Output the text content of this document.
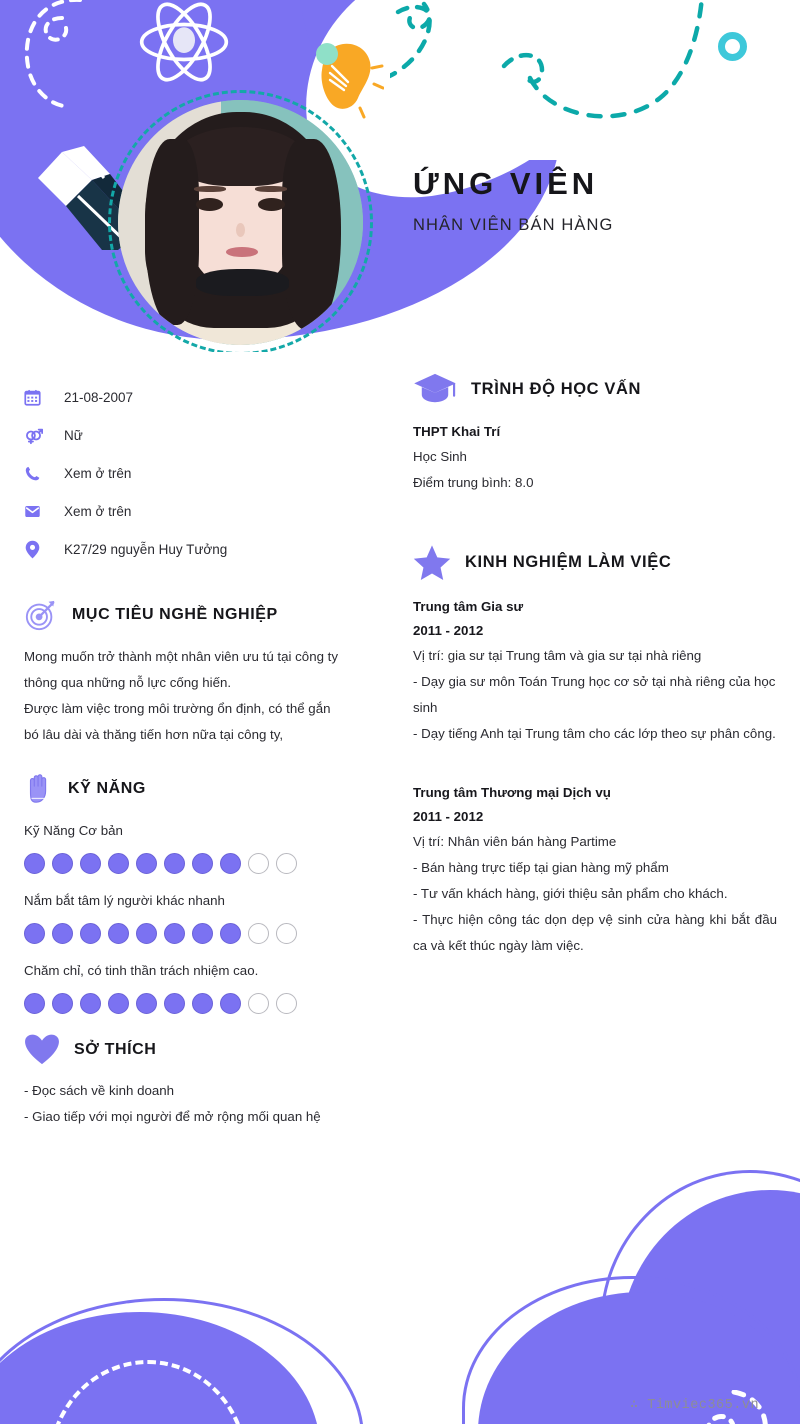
ỨNG VIÊN
NHÂN VIÊN BÁN HÀNG
21-08-2007
Nữ
Xem ở trên
Xem ở trên
K27/29 nguyễn Huy Tưởng
MỤC TIÊU NGHỀ NGHIỆP
Mong muốn trở thành một nhân viên ưu tú tại công ty thông qua những nỗ lực cống hiến.
Được làm việc trong môi trường ổn định, có thể gắn bó lâu dài và thăng tiến hơn nữa tại công ty,
KỸ NĂNG
Kỹ Năng Cơ bản
Nắm bắt tâm lý người khác nhanh
Chăm chỉ, có tinh thần trách nhiệm cao.
SỞ THÍCH
- Đọc sách về kinh doanh
- Giao tiếp với mọi người để mở rộng mối quan hệ
TRÌNH ĐỘ HỌC VẤN
THPT Khai Trí
Học Sinh
Điểm trung bình: 8.0
KINH NGHIỆM LÀM VIỆC
Trung tâm Gia sư
2011 - 2012
Vị trí: gia sư tại Trung tâm và gia sư tại nhà riêng
- Dạy gia sư môn Toán Trung học cơ sở tại nhà riêng của học sinh
- Dạy tiếng Anh tại Trung tâm cho các lớp theo sự phân công.
Trung tâm Thương mại Dịch vụ
2011 - 2012
Vị trí: Nhân viên bán hàng Partime
- Bán hàng trực tiếp tại gian hàng mỹ phẩm
- Tư vấn khách hàng, giới thiệu sản phẩm cho khách.
- Thực hiện công tác dọn dẹp vệ sinh cửa hàng khi bắt đầu ca và kết thúc ngày làm việc.
∴ Timviec365.vn
